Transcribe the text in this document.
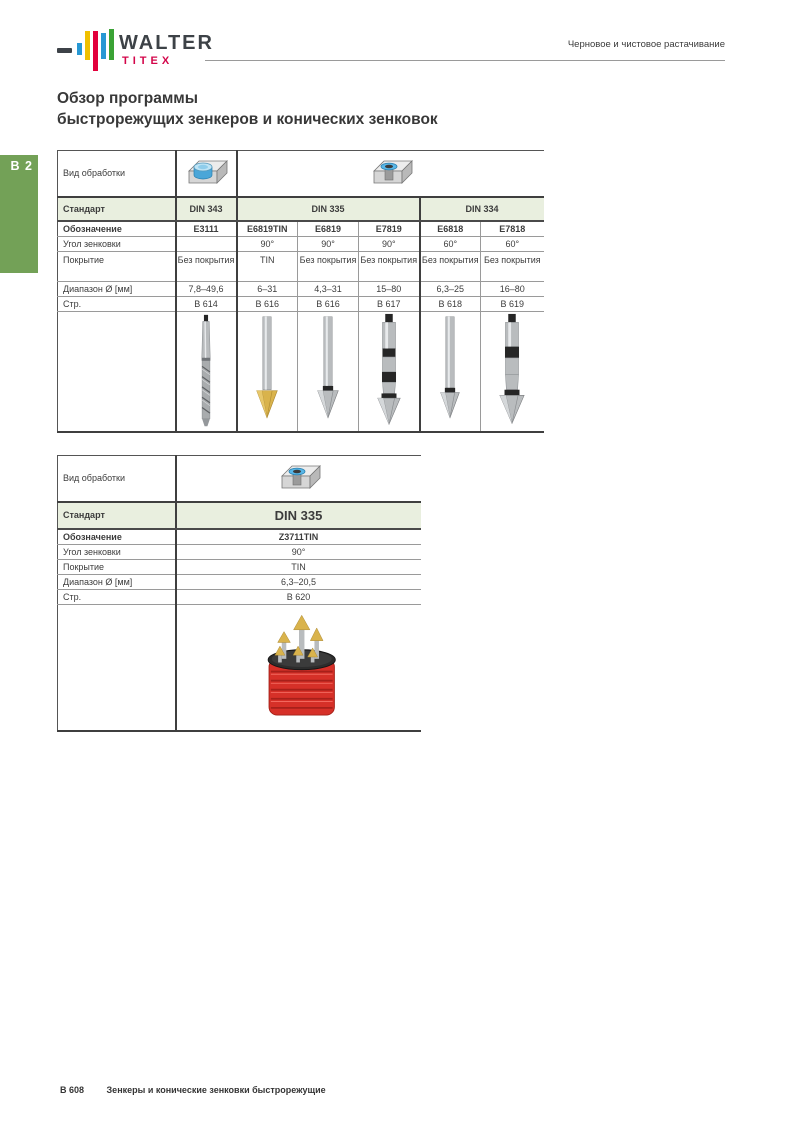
WALTER
TITEX
Черновое и чистовое растачивание
Обзор программы
быстрорежущих зенкеров и конических зенковок
B 2
Вид обработки		
Стандарт	DIN 343	DIN 335			DIN 334	
Обозначение	E3111	E6819TIN	E6819	E7819	E6818	E7818
Угол зенковки		90°	90°	90°	60°	60°
Покрытие	Без покрытия	TIN	Без покрытия	Без покрытия	Без покрытия	Без покрытия
Диапазон Ø [мм]	7,8–49,6	6–31	4,3–31	15–80	6,3–25	16–80
Стр.	B 614	B 616	B 616	B 617	B 618	B 619

Вид обработки	
Стандарт	DIN 335
Обозначение	Z3711TIN
Угол зенковки	90°
Покрытие	TIN
Диапазон Ø [мм]	6,3–20,5
Стр.	B 620

B 608	Зенкеры и конические зенковки быстрорежущие
